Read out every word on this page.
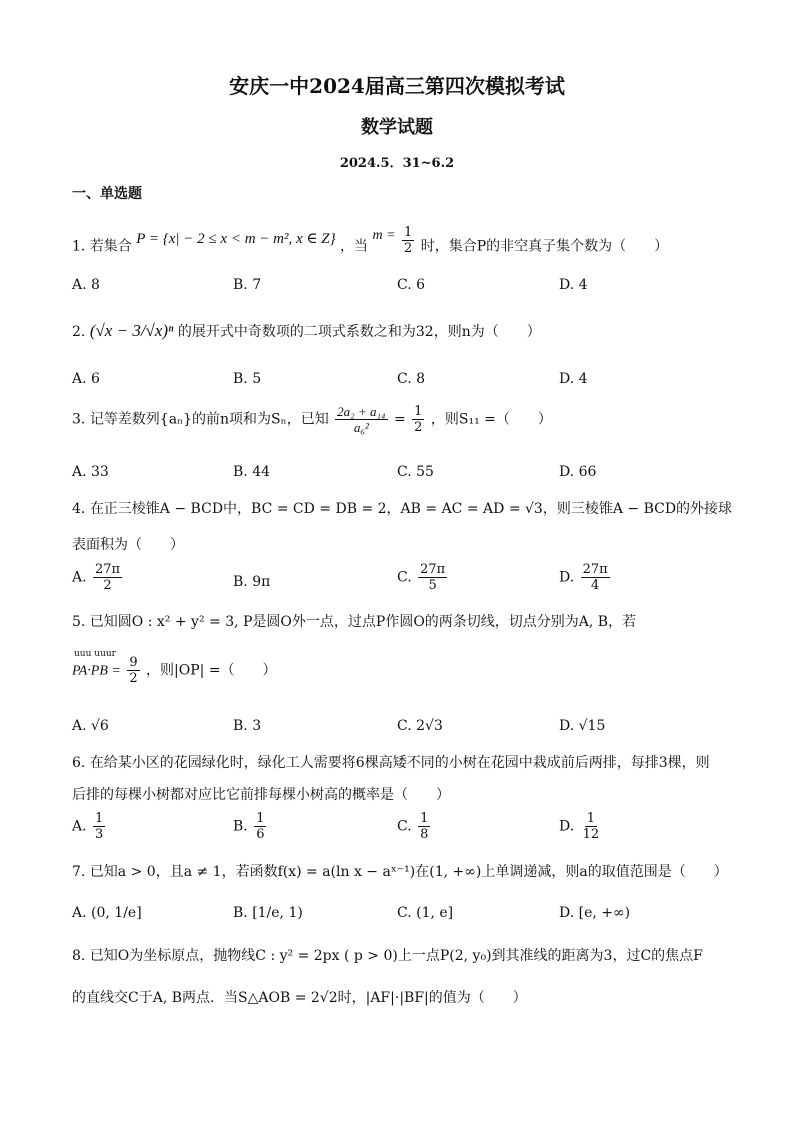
安庆一中2024届高三第四次模拟考试
数学试题
2024.5．31~6.2
一、单选题
1. 若集合 P = {x| − 2 ≤ x < m − m², x ∈ Z} ，当 $m = \frac{1}{2}$ 时，集合P的非空真子集个数为（　　）
A. 8	B. 7	C. 6	D. 4
2. (√x − 3/√x)ⁿ 的展开式中奇数项的二项式系数之和为32，则n为（　　）
A. 6	B. 5	C. 8	D. 4
3. 记等差数列{aₙ}的前n项和为Sₙ，已知 $\frac{\text{2a₂ + a₁₄}}{\text{a₆²}} = \frac{1}{2}$ ，则S₁₁ =（　　）
A. 33	B. 44	C. 55	D. 66
4. 在正三棱锥A − BCD中，BC = CD = DB = 2，AB = AC = AD = √3，则三棱锥A − BCD的外接球
表面积为（　　）
A. $\frac{27\pi}{2}$	B. 9π	C. $\frac{27\pi}{5}$	D. $\frac{27\pi}{4}$
5. 已知圆O : x² + y² = 3, P是圆O外一点，过点P作圆O的两条切线，切点分别为A, B，若
uuu uuur
$PA\cdot PB = \frac{9}{2}$ ，则|OP| =（　　）
A. √6	B. 3	C. 2√3	D. √15
6. 在给某小区的花园绿化时，绿化工人需要将6棵高矮不同的小树在花园中栽成前后两排，每排3棵，则
后排的每棵小树都对应比它前排每棵小树高的概率是（　　）
A. $\frac{1}{3}$	B. $\frac{1}{6}$	C. $\frac{1}{8}$	D. $\frac{1}{12}$
7. 已知a > 0，且a ≠ 1，若函数f(x) = a(ln x − aˣ⁻¹)在(1, +∞)上单调递减，则a的取值范围是（　　）
A. (0, 1/e]	B. [1/e, 1)	C. (1, e]	D. [e, +∞)
8. 已知O为坐标原点，抛物线C : y² = 2px ( p > 0)上一点P(2, y₀)到其准线的距离为3，过C的焦点F
的直线交C于A, B两点．当S△AOB = 2√2时，|AF|·|BF|的值为（　　）
